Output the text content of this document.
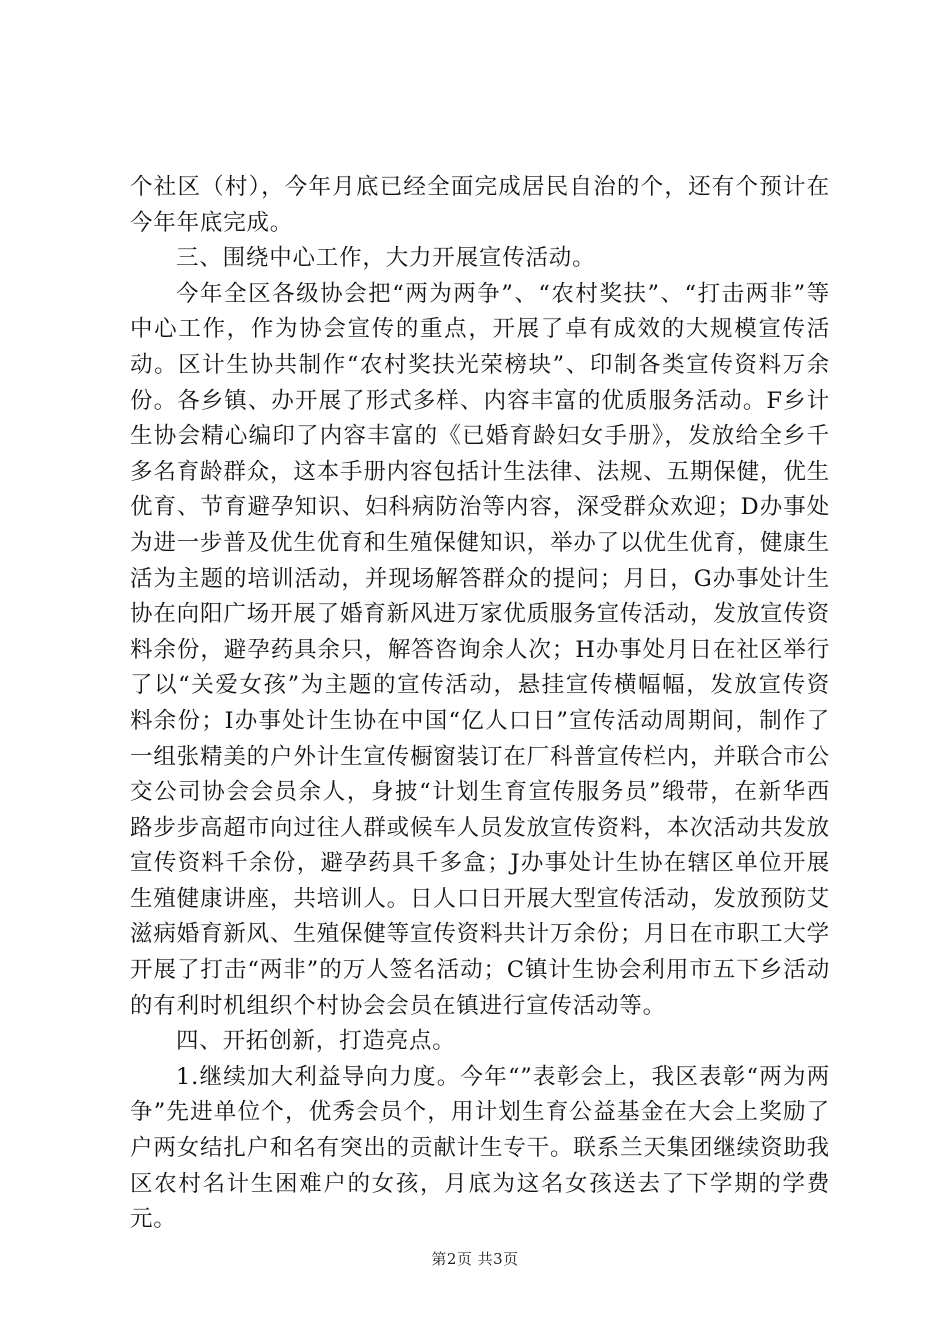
个社区（村），今年月底已经全面完成居民自治的个，还有个预计在今年年底完成。

三、围绕中心工作，大力开展宣传活动。

今年全区各级协会把“两为两争”、“农村奖扶”、“打击两非”等中心工作，作为协会宣传的重点，开展了卓有成效的大规模宣传活动。区计生协共制作“农村奖扶光荣榜块”、印制各类宣传资料万余份。各乡镇、办开展了形式多样、内容丰富的优质服务活动。F乡计生协会精心编印了内容丰富的《已婚育龄妇女手册》，发放给全乡千多名育龄群众，这本手册内容包括计生法律、法规、五期保健，优生优育、节育避孕知识、妇科病防治等内容，深受群众欢迎；D办事处为进一步普及优生优育和生殖保健知识，举办了以优生优育，健康生活为主题的培训活动，并现场解答群众的提问；月日，G办事处计生协在向阳广场开展了婚育新风进万家优质服务宣传活动，发放宣传资料余份，避孕药具余只，解答咨询余人次；H办事处月日在社区举行了以“关爱女孩”为主题的宣传活动，悬挂宣传横幅幅，发放宣传资料余份；I办事处计生协在中国“亿人口日”宣传活动周期间，制作了一组张精美的户外计生宣传橱窗装订在厂科普宣传栏内，并联合市公交公司协会会员余人，身披“计划生育宣传服务员”缎带，在新华西路步步高超市向过往人群或候车人员发放宣传资料，本次活动共发放宣传资料千余份，避孕药具千多盒；J办事处计生协在辖区单位开展生殖健康讲座，共培训人。日人口日开展大型宣传活动，发放预防艾滋病婚育新风、生殖保健等宣传资料共计万余份；月日在市职工大学开展了打击“两非”的万人签名活动；C镇计生协会利用市五下乡活动的有利时机组织个村协会会员在镇进行宣传活动等。

四、开拓创新，打造亮点。

1.继续加大利益导向力度。今年“”表彰会上，我区表彰“两为两争”先进单位个，优秀会员个，用计划生育公益基金在大会上奖励了户两女结扎户和名有突出的贡献计生专干。联系兰天集团继续资助我区农村名计生困难户的女孩，月底为这名女孩送去了下学期的学费元。

第2页 共3页
